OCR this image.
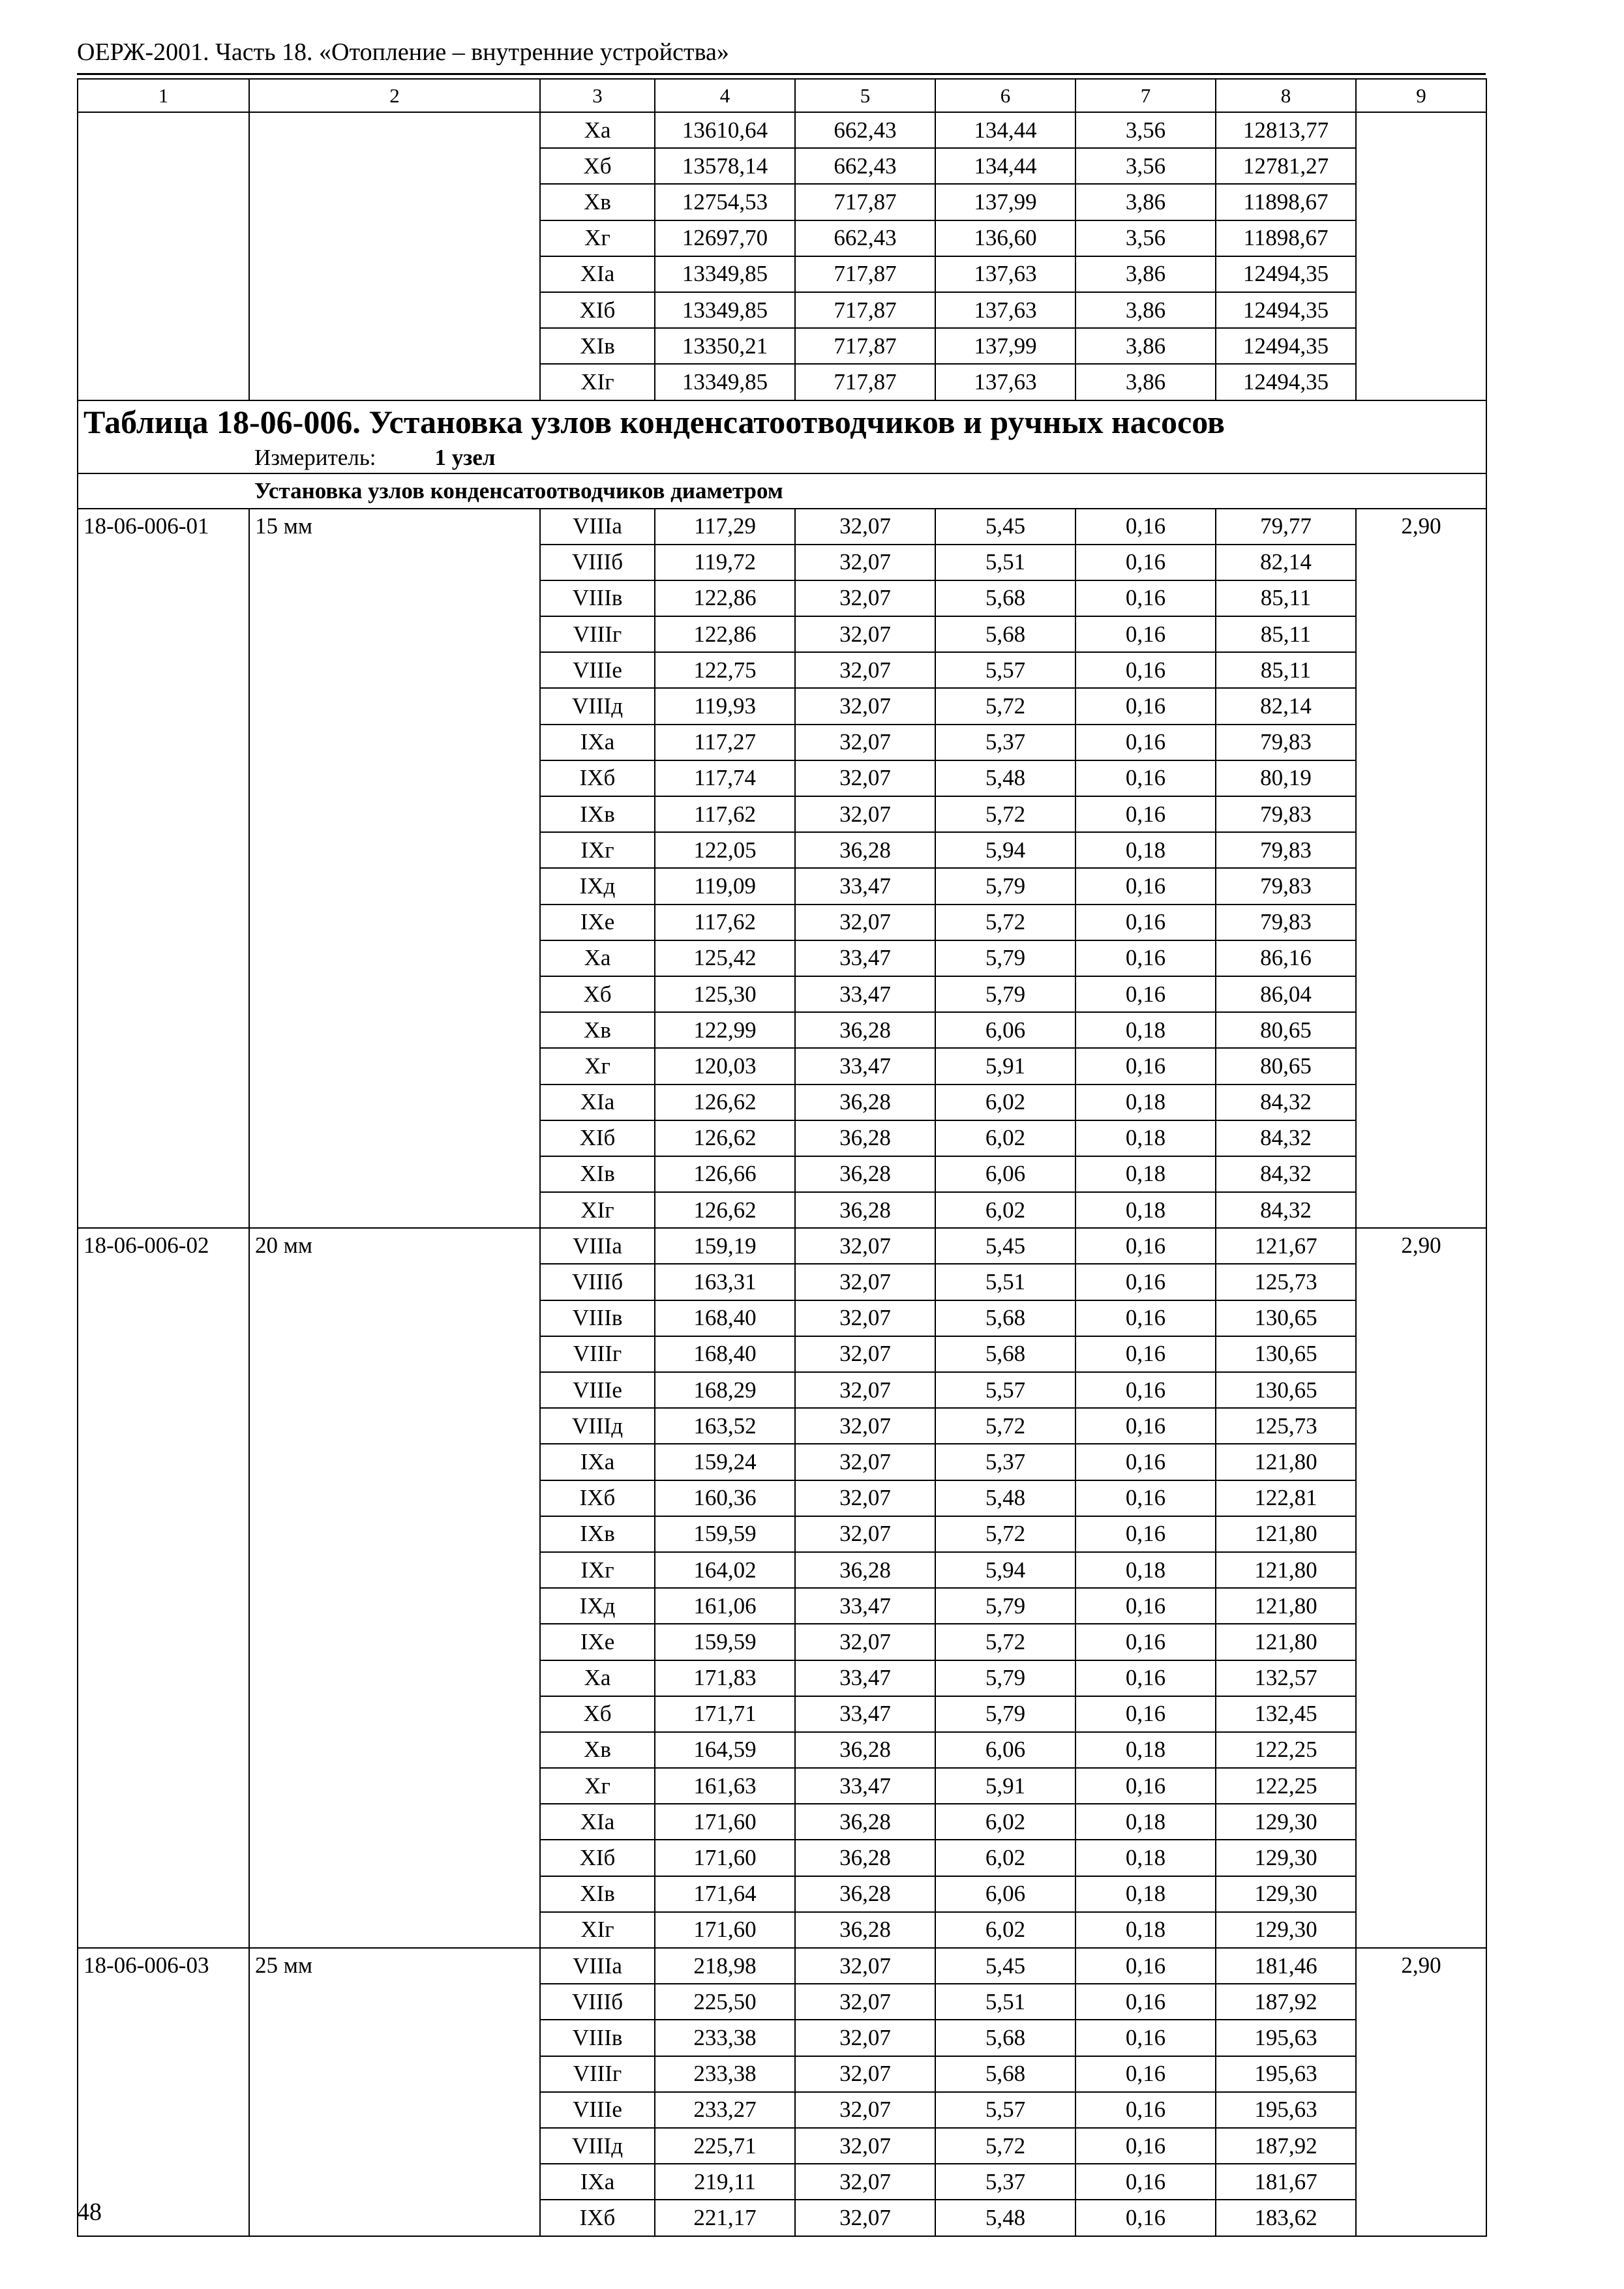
ОЕРЖ-2001. Часть 18. «Отопление – внутренние устройства»
1	2	3	4	5	6	7	8	9
		Xa	13610,64	662,43	134,44	3,56	12813,77	
		Xб	13578,14	662,43	134,44	3,56	12781,27	
		Xв	12754,53	717,87	137,99	3,86	11898,67	
		Xг	12697,70	662,43	136,60	3,56	11898,67	
		XIa	13349,85	717,87	137,63	3,86	12494,35	
		XIб	13349,85	717,87	137,63	3,86	12494,35	
		XIв	13350,21	717,87	137,99	3,86	12494,35	
		XIг	13349,85	717,87	137,63	3,86	12494,35	
Таблица 18-06-006. Установка узлов конденсатоотводчиков и ручных насосов								
Измеритель: 1 узел								
Установка узлов конденсатоотводчиков диаметром								
18-06-006-01	15 мм	VIIIa	117,29	32,07	5,45	0,16	79,77	2,90
		VIIIб	119,72	32,07	5,51	0,16	82,14	
		VIIIв	122,86	32,07	5,68	0,16	85,11	
		VIIIг	122,86	32,07	5,68	0,16	85,11	
		VIIIе	122,75	32,07	5,57	0,16	85,11	
		VIIIд	119,93	32,07	5,72	0,16	82,14	
		IXa	117,27	32,07	5,37	0,16	79,83	
		IXб	117,74	32,07	5,48	0,16	80,19	
		IXв	117,62	32,07	5,72	0,16	79,83	
		IXг	122,05	36,28	5,94	0,18	79,83	
		IXд	119,09	33,47	5,79	0,16	79,83	
		IXе	117,62	32,07	5,72	0,16	79,83	
		Xa	125,42	33,47	5,79	0,16	86,16	
		Xб	125,30	33,47	5,79	0,16	86,04	
		Xв	122,99	36,28	6,06	0,18	80,65	
		Xг	120,03	33,47	5,91	0,16	80,65	
		XIa	126,62	36,28	6,02	0,18	84,32	
		XIб	126,62	36,28	6,02	0,18	84,32	
		XIв	126,66	36,28	6,06	0,18	84,32	
		XIг	126,62	36,28	6,02	0,18	84,32	
18-06-006-02	20 мм	VIIIa	159,19	32,07	5,45	0,16	121,67	2,90
		VIIIб	163,31	32,07	5,51	0,16	125,73	
		VIIIв	168,40	32,07	5,68	0,16	130,65	
		VIIIг	168,40	32,07	5,68	0,16	130,65	
		VIIIе	168,29	32,07	5,57	0,16	130,65	
		VIIIд	163,52	32,07	5,72	0,16	125,73	
		IXa	159,24	32,07	5,37	0,16	121,80	
		IXб	160,36	32,07	5,48	0,16	122,81	
		IXв	159,59	32,07	5,72	0,16	121,80	
		IXг	164,02	36,28	5,94	0,18	121,80	
		IXд	161,06	33,47	5,79	0,16	121,80	
		IXе	159,59	32,07	5,72	0,16	121,80	
		Xa	171,83	33,47	5,79	0,16	132,57	
		Xб	171,71	33,47	5,79	0,16	132,45	
		Xв	164,59	36,28	6,06	0,18	122,25	
		Xг	161,63	33,47	5,91	0,16	122,25	
		XIa	171,60	36,28	6,02	0,18	129,30	
		XIб	171,60	36,28	6,02	0,18	129,30	
		XIв	171,64	36,28	6,06	0,18	129,30	
		XIг	171,60	36,28	6,02	0,18	129,30	
18-06-006-03	25 мм	VIIIa	218,98	32,07	5,45	0,16	181,46	2,90
		VIIIб	225,50	32,07	5,51	0,16	187,92	
		VIIIв	233,38	32,07	5,68	0,16	195,63	
		VIIIг	233,38	32,07	5,68	0,16	195,63	
		VIIIе	233,27	32,07	5,57	0,16	195,63	
		VIIIд	225,71	32,07	5,72	0,16	187,92	
		IXa	219,11	32,07	5,37	0,16	181,67	
		IXб	221,17	32,07	5,48	0,16	183,62	
48
